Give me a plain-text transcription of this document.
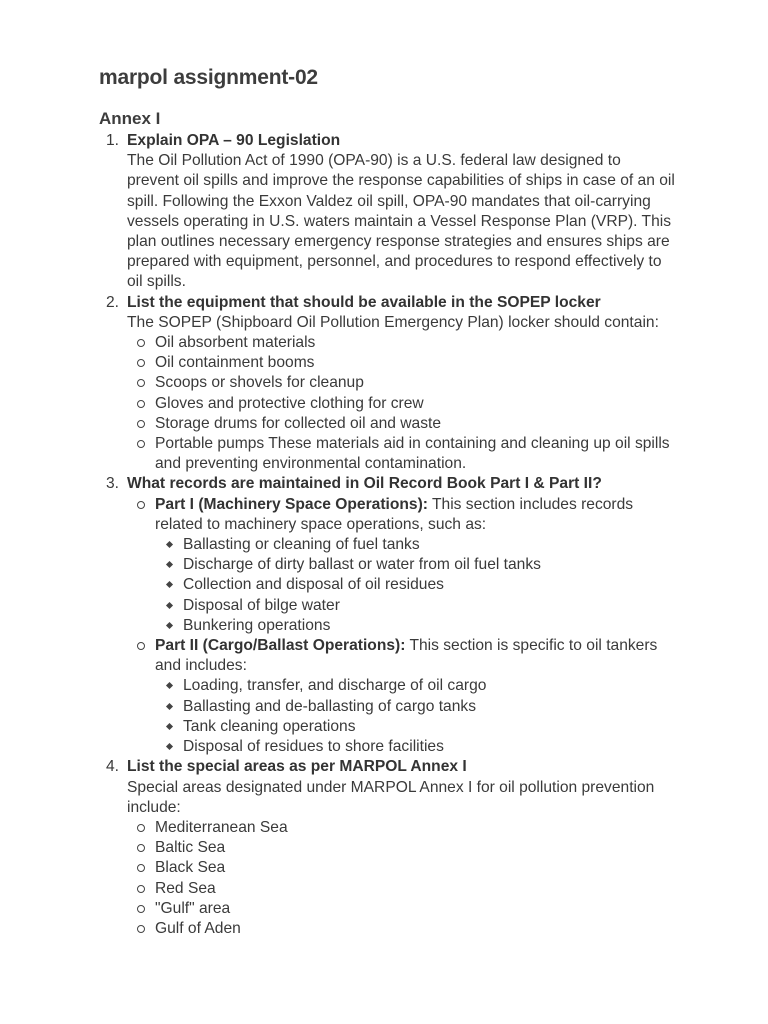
marpol assignment-02
Annex I
1. Explain OPA – 90 Legislation
The Oil Pollution Act of 1990 (OPA-90) is a U.S. federal law designed to prevent oil spills and improve the response capabilities of ships in case of an oil spill. Following the Exxon Valdez oil spill, OPA-90 mandates that oil-carrying vessels operating in U.S. waters maintain a Vessel Response Plan (VRP). This plan outlines necessary emergency response strategies and ensures ships are prepared with equipment, personnel, and procedures to respond effectively to oil spills.
2. List the equipment that should be available in the SOPEP locker
The SOPEP (Shipboard Oil Pollution Emergency Plan) locker should contain:
Oil absorbent materials
Oil containment booms
Scoops or shovels for cleanup
Gloves and protective clothing for crew
Storage drums for collected oil and waste
Portable pumps These materials aid in containing and cleaning up oil spills and preventing environmental contamination.
3. What records are maintained in Oil Record Book Part I & Part II?
Part I (Machinery Space Operations): This section includes records related to machinery space operations, such as:
Ballasting or cleaning of fuel tanks
Discharge of dirty ballast or water from oil fuel tanks
Collection and disposal of oil residues
Disposal of bilge water
Bunkering operations
Part II (Cargo/Ballast Operations): This section is specific to oil tankers and includes:
Loading, transfer, and discharge of oil cargo
Ballasting and de-ballasting of cargo tanks
Tank cleaning operations
Disposal of residues to shore facilities
4. List the special areas as per MARPOL Annex I
Special areas designated under MARPOL Annex I for oil pollution prevention include:
Mediterranean Sea
Baltic Sea
Black Sea
Red Sea
"Gulf" area
Gulf of Aden
